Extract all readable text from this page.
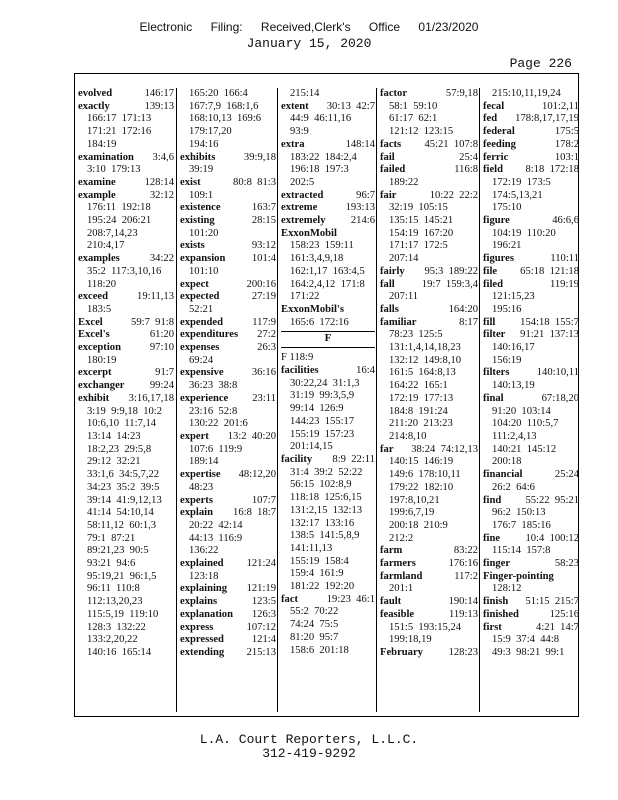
Electronic Filing: Received,Clerk's Office 01/23/2020
January 15, 2020
Page 226
evolved	146:17
exactly	139:13
166:17  171:13
171:21  172:16
184:19
examination 3:4,6
3:10  179:13
examine	128:14
example	32:12
176:11  192:18
195:24  206:21
208:7,14,23
210:4,17
examples	34:22
35:2  117:3,10,16
118:20
exceed	19:11,13
183:5
Excel	59:7  91:8
Excel's	61:20
exception	97:10
180:19
excerpt	91:7
exchanger 99:24
exhibit 3:16,17,18
3:19  9:9,18  10:2
10:6,10  11:7,14
13:14  14:23
18:2,23  29:5,8
29:12  32:21
33:1,6  34:5,7,22
34:23  35:2  39:5
39:14  41:9,12,13
41:14  54:10,14
58:11,12  60:1,3
79:1  87:21
89:21,23  90:5
93:21  94:6
95:19,21  96:1,5
96:11  110:8
112:13,20,23
115:5,19  119:10
128:3  132:22
133:2,20,22
140:16  165:14
165:20  166:4
167:7,9  168:1,6
168:10,13  169:6
179:17,20
194:16
exhibits	39:9,18
39:19
exist	80:8  81:3
109:1
existence	163:7
existing	28:15
101:20
exists	93:12
expansion	101:4
101:10
expect	200:16
expected	27:19
52:21
expended	117:9
expenditures 27:2
expenses	26:3
69:24
expensive	36:16
36:23  38:8
experience 23:11
23:16  52:8
130:22  201:6
expert 13:2  40:20
107:6  119:9
189:14
expertise 48:12,20
48:23
experts	107:7
explain 16:8  18:7
20:22  42:14
44:13  116:9
136:22
explained 121:24
123:18
explaining 121:19
explains	123:5
explanation 126:3
express	107:12
expressed	121:4
extending 215:13
215:14
extent 30:13  42:7
44:9  46:11,16
93:9
extra	148:14
183:22  184:2,4
196:18  197:3
202:5
extracted	96:7
extreme	193:13
extremely 214:6
ExxonMobil
158:23  159:11
161:3,4,9,18
162:1,17  163:4,5
164:2,4,12  171:8
171:22
ExxonMobil's
165:6  172:16
F
F 118:9
facilities	16:4
30:22,24  31:1,3
31:19  99:3,5,9
99:14  126:9
144:23  155:17
155:19  157:23
201:14,15
facility 8:9  22:11
31:4  39:2  52:22
56:15  102:8,9
118:18  125:6,15
131:2,15  132:13
132:17  133:16
138:5  141:5,8,9
141:11,13
155:19  158:4
159:4  161:9
181:22  192:20
fact	19:23  46:1
55:2  70:22
74:24  75:5
81:20  95:7
158:6  201:18
factor	57:9,18
58:1  59:10
61:17  62:1
121:12  123:15
facts 45:21  107:8
fail	25:4
failed	116:8
189:22
fair	10:22  22:2
32:19  105:15
135:15  145:21
154:19  167:20
171:17  172:5
207:14
fairly 95:3  189:22
fall	19:7  159:3,4
207:11
falls	164:20
familiar	8:17
78:23  125:5
131:1,4,14,18,23
132:12  149:8,10
161:5  164:8,13
164:22  165:1
172:19  177:13
184:8  191:24
211:20  213:23
214:8,10
far 38:24  74:12,13
140:15  146:19
149:6  178:10,11
179:22  182:10
197:8,10,21
199:6,7,19
200:18  210:9
212:2
farm	83:22
farmers	176:16
farmland	117:2
201:1
fault	190:14
feasible	119:13
151:5  193:15,24
199:18,19
February 128:23
215:10,11,19,24
fecal	101:2,11
fed 178:8,17,17,19
federal	175:5
feeding	178:2
ferric	103:1
field 8:18  172:18
172:19  173:5
174:5,13,21
175:10
figure	46:6,6
104:19  110:20
196:21
figures	110:11
file 65:18  121:18
filed	119:19
121:15,23
195:16
fill 154:18  155:7
filter 91:21  137:13
140:16,17
156:19
filters	140:10,11
140:13,19
final	67:18,20
91:20  103:14
104:20  110:5,7
111:2,4,13
140:21  145:12
200:18
financial	25:24
26:2  64:6
find 55:22  95:21
96:2  150:13
176:7  185:16
fine 10:4  100:12
115:14  157:8
finger	58:23
Finger-pointing
128:12
finish 51:15  215:7
finished	125:16
first	4:21  14:7
15:9  37:4  44:8
49:3  98:21  99:1
L.A. Court Reporters, L.L.C.
312-419-9292
